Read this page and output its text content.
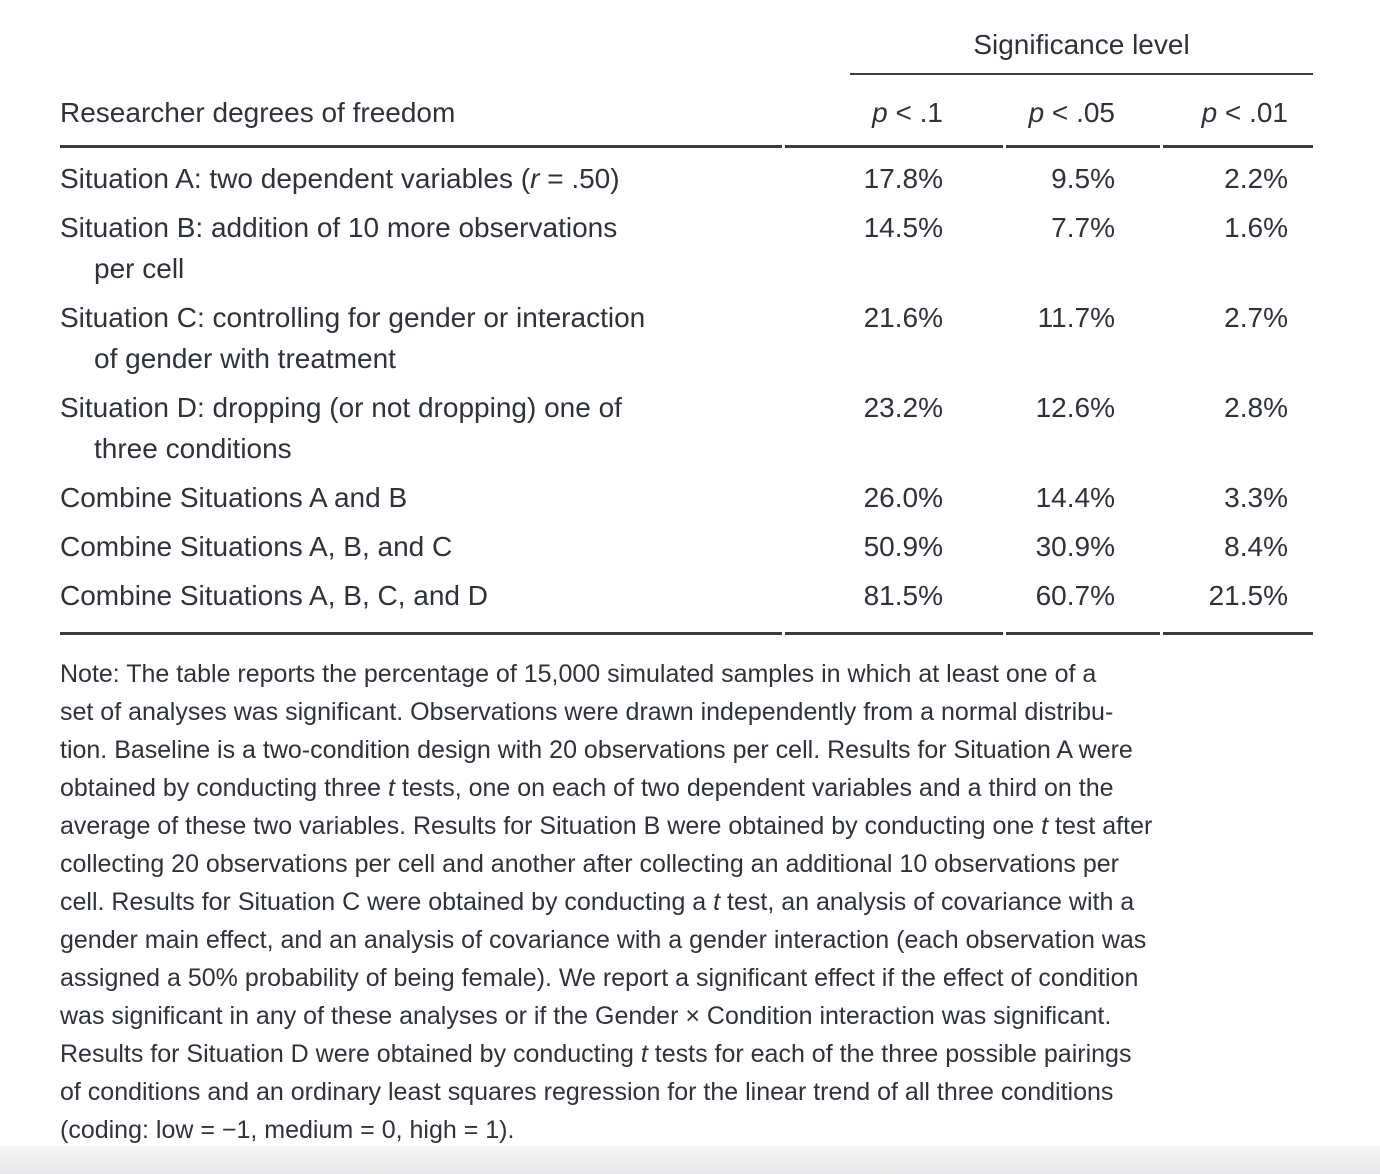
Significance level
Researcher degrees of freedom	p < .1	p < .05	p < .01
Situation A: two dependent variables (r = .50)	17.8%	9.5%	2.2%
Situation B: addition of 10 more observations
per cell
14.5%	7.7%	1.6%
Situation C: controlling for gender or interaction
of gender with treatment
21.6%	11.7%	2.7%
Situation D: dropping (or not dropping) one of
three conditions
23.2%	12.6%	2.8%
Combine Situations A and B	26.0%	14.4%	3.3%
Combine Situations A, B, and C	50.9%	30.9%	8.4%
Combine Situations A, B, C, and D	81.5%	60.7%	21.5%
Note: The table reports the percentage of 15,000 simulated samples in which at least one of a
set of analyses was significant. Observations were drawn independently from a normal distribu-
tion. Baseline is a two-condition design with 20 observations per cell. Results for Situation A were
obtained by conducting three t tests, one on each of two dependent variables and a third on the
average of these two variables. Results for Situation B were obtained by conducting one t test after
collecting 20 observations per cell and another after collecting an additional 10 observations per
cell. Results for Situation C were obtained by conducting a t test, an analysis of covariance with a
gender main effect, and an analysis of covariance with a gender interaction (each observation was
assigned a 50% probability of being female). We report a significant effect if the effect of condition
was significant in any of these analyses or if the Gender × Condition interaction was significant.
Results for Situation D were obtained by conducting t tests for each of the three possible pairings
of conditions and an ordinary least squares regression for the linear trend of all three conditions
(coding: low = −1, medium = 0, high = 1).
